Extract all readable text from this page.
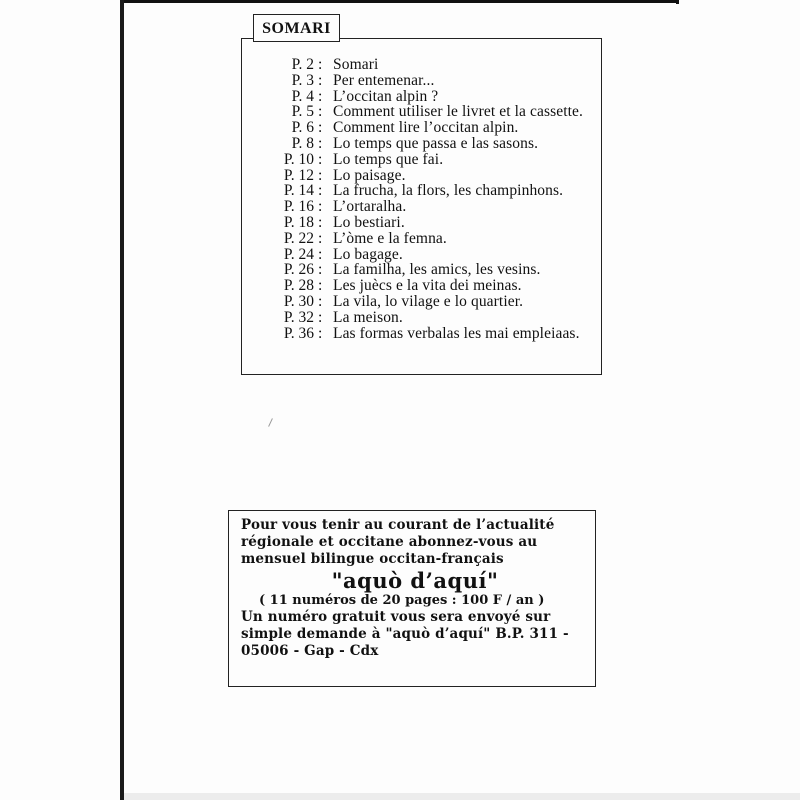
SOMARI
P. 2 : Somari
P. 3 : Per entemenar...
P. 4 : L’occitan alpin ?
P. 5 : Comment utiliser le livret et la cassette.
P. 6 : Comment lire l’occitan alpin.
P. 8 : Lo temps que passa e las sasons.
P. 10 : Lo temps que fai.
P. 12 : Lo paisage.
P. 14 : La frucha, la flors, les champinhons.
P. 16 : L’ortaralha.
P. 18 : Lo bestiari.
P. 22 : L’òme e la femna.
P. 24 : Lo bagage.
P. 26 : La familha, les amics, les vesins.
P. 28 : Les juècs e la vita dei meinas.
P. 30 : La vila, lo vilage e lo quartier.
P. 32 : La meison.
P. 36 : Las formas verbalas les mai empleiaas.
Pour vous tenir au courant de l’actualité
régionale et occitane abonnez-vous au
mensuel bilingue occitan-français
"aquò d’aquí"
( 11 numéros de 20 pages : 100 F / an )
Un numéro gratuit vous sera envoyé sur
simple demande à "aquò d’aquí" B.P. 311 -
05006 - Gap - Cdx
